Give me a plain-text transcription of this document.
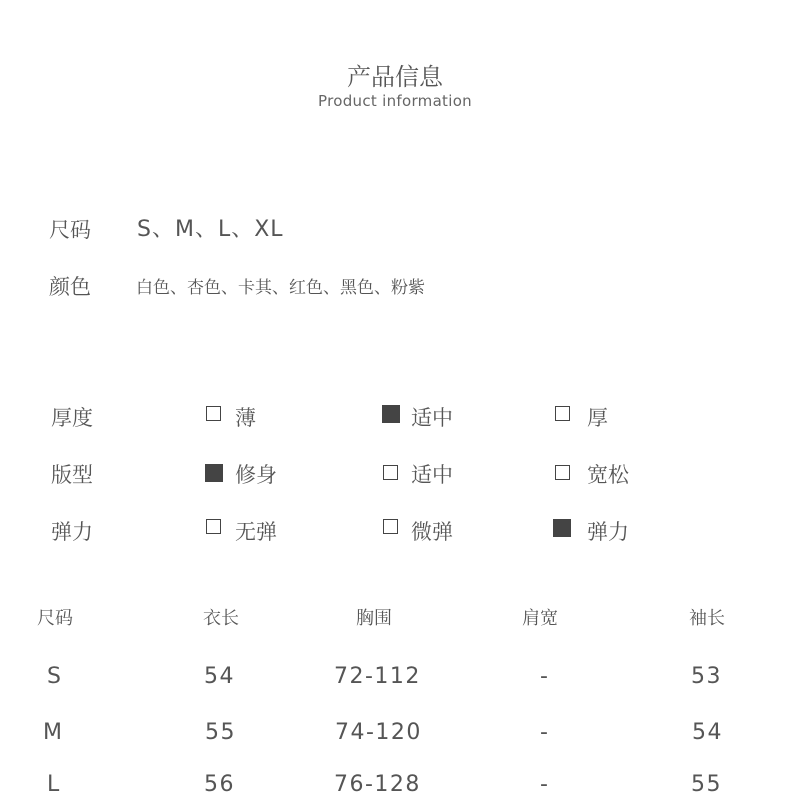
产品信息
Product information
尺码 S、M、L、XL
颜色	白色、杏色、卡其、红色、黑色、粉紫
厚度	薄	适中	厚
版型	修身	适中	宽松
弹力	无弹	微弹	弹力
尺码	衣长	胸围	肩宽	袖长
S	54	72-112	-	53
M	55	74-120	-	54
L	56	76-128	-	55
